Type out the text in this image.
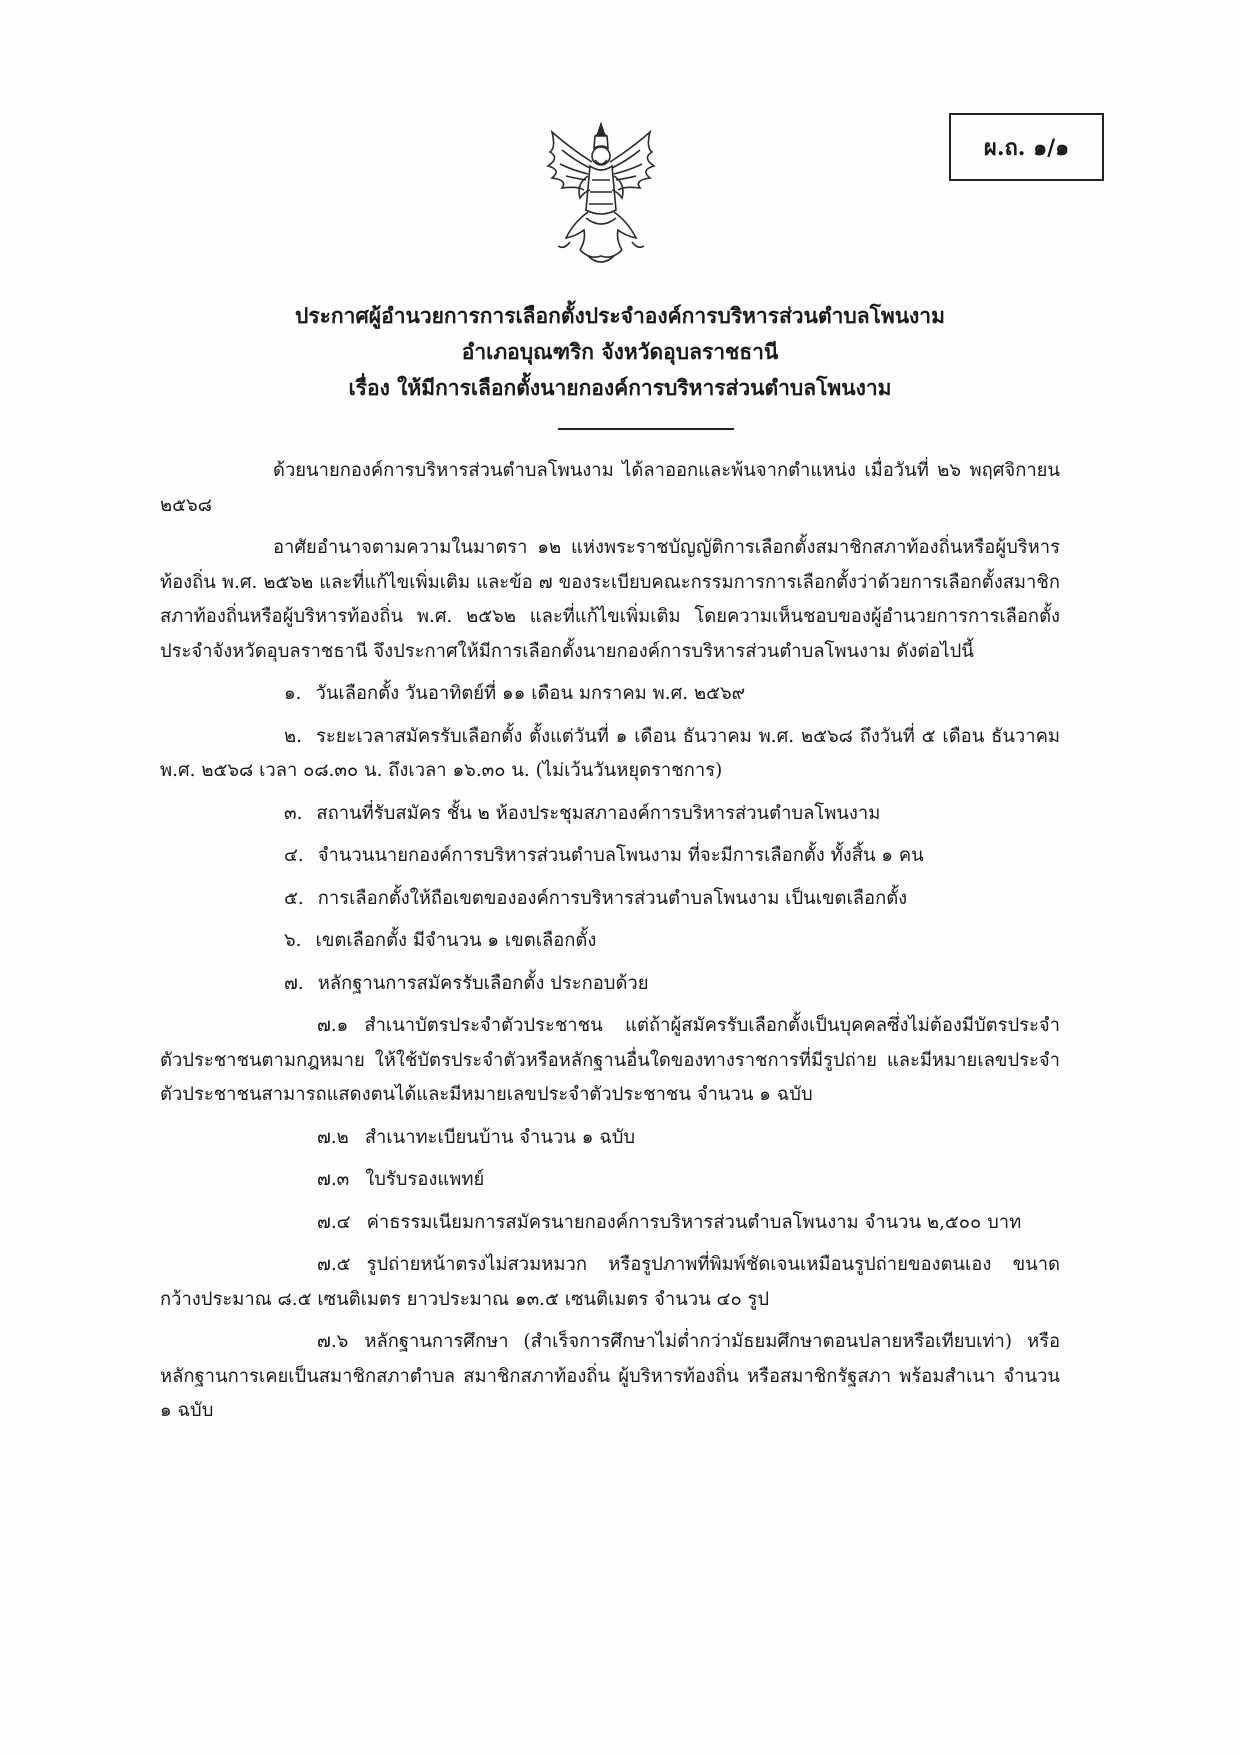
ผ.ถ. ๑/๑
ประกาศผู้อำนวยการการเลือกตั้งประจำองค์การบริหารส่วนตำบลโพนงาม
อำเภอบุณฑริก จังหวัดอุบลราชธานี
เรื่อง ให้มีการเลือกตั้งนายกองค์การบริหารส่วนตำบลโพนงาม

ด้วยนายกองค์การบริหารส่วนตำบลโพนงาม ได้ลาออกและพ้นจากตำแหน่ง เมื่อวันที่ ๒๖ พฤศจิกายน ๒๕๖๘

อาศัยอำนาจตามความในมาตรา ๑๒ แห่งพระราชบัญญัติการเลือกตั้งสมาชิกสภาท้องถิ่นหรือผู้บริหารท้องถิ่น พ.ศ. ๒๕๖๒ และที่แก้ไขเพิ่มเติม และข้อ ๗ ของระเบียบคณะกรรมการการเลือกตั้งว่าด้วยการเลือกตั้งสมาชิกสภาท้องถิ่นหรือผู้บริหารท้องถิ่น พ.ศ. ๒๕๖๒ และที่แก้ไขเพิ่มเติม โดยความเห็นชอบของผู้อำนวยการการเลือกตั้งประจำจังหวัดอุบลราชธานี จึงประกาศให้มีการเลือกตั้งนายกองค์การบริหารส่วนตำบลโพนงาม ดังต่อไปนี้

๑. วันเลือกตั้ง วันอาทิตย์ที่ ๑๑ เดือน มกราคม พ.ศ. ๒๕๖๙
๒. ระยะเวลาสมัครรับเลือกตั้ง ตั้งแต่วันที่ ๑ เดือน ธันวาคม พ.ศ. ๒๕๖๘ ถึงวันที่ ๕ เดือน ธันวาคม พ.ศ. ๒๕๖๘ เวลา ๐๘.๓๐ น. ถึงเวลา ๑๖.๓๐ น. (ไม่เว้นวันหยุดราชการ)
๓. สถานที่รับสมัคร ชั้น ๒ ห้องประชุมสภาองค์การบริหารส่วนตำบลโพนงาม
๔. จำนวนนายกองค์การบริหารส่วนตำบลโพนงาม ที่จะมีการเลือกตั้ง ทั้งสิ้น ๑ คน
๕. การเลือกตั้งให้ถือเขตขององค์การบริหารส่วนตำบลโพนงาม เป็นเขตเลือกตั้ง
๖. เขตเลือกตั้ง มีจำนวน ๑ เขตเลือกตั้ง
๗. หลักฐานการสมัครรับเลือกตั้ง ประกอบด้วย
๗.๑ สำเนาบัตรประจำตัวประชาชน แต่ถ้าผู้สมัครรับเลือกตั้งเป็นบุคคลซึ่งไม่ต้องมีบัตรประจำตัวประชาชนตามกฎหมาย ให้ใช้บัตรประจำตัวหรือหลักฐานอื่นใดของทางราชการที่มีรูปถ่าย และมีหมายเลขประจำตัวประชาชนสามารถแสดงตนได้และมีหมายเลขประจำตัวประชาชน จำนวน ๑ ฉบับ
๗.๒ สำเนาทะเบียนบ้าน จำนวน ๑ ฉบับ
๗.๓ ใบรับรองแพทย์
๗.๔ ค่าธรรมเนียมการสมัครนายกองค์การบริหารส่วนตำบลโพนงาม จำนวน ๒,๕๐๐ บาท
๗.๕ รูปถ่ายหน้าตรงไม่สวมหมวก หรือรูปภาพที่พิมพ์ชัดเจนเหมือนรูปถ่ายของตนเอง ขนาดกว้างประมาณ ๘.๕ เซนติเมตร ยาวประมาณ ๑๓.๕ เซนติเมตร จำนวน ๔๐ รูป
๗.๖ หลักฐานการศึกษา (สำเร็จการศึกษาไม่ต่ำกว่ามัธยมศึกษาตอนปลายหรือเทียบเท่า) หรือหลักฐานการเคยเป็นสมาชิกสภาตำบล สมาชิกสภาท้องถิ่น ผู้บริหารท้องถิ่น หรือสมาชิกรัฐสภา พร้อมสำเนา จำนวน ๑ ฉบับ
